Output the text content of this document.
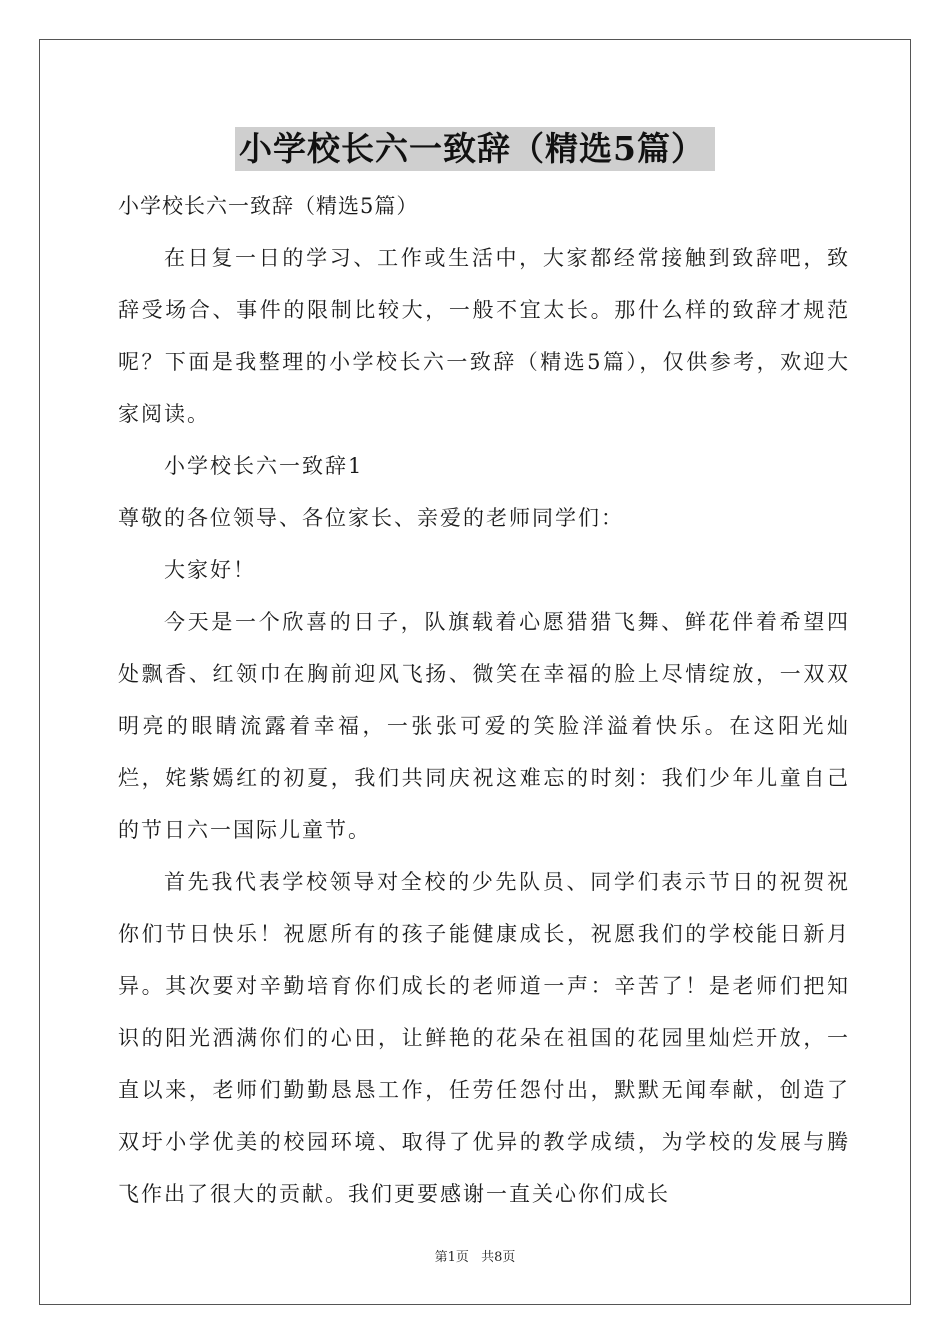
小学校长六一致辞（精选5篇）
小学校长六一致辞（精选5篇）

在日复一日的学习、工作或生活中，大家都经常接触到致辞吧，致辞受场合、事件的限制比较大，一般不宜太长。那什么样的致辞才规范呢？下面是我整理的小学校长六一致辞（精选5篇），仅供参考，欢迎大家阅读。

小学校长六一致辞1
尊敬的各位领导、各位家长、亲爱的老师同学们：
大家好！

今天是一个欣喜的日子，队旗载着心愿猎猎飞舞、鲜花伴着希望四处飘香、红领巾在胸前迎风飞扬、微笑在幸福的脸上尽情绽放，一双双明亮的眼睛流露着幸福，一张张可爱的笑脸洋溢着快乐。在这阳光灿烂，姹紫嫣红的初夏，我们共同庆祝这难忘的时刻：我们少年儿童自己的节日六一国际儿童节。

首先我代表学校领导对全校的少先队员、同学们表示节日的祝贺祝你们节日快乐！祝愿所有的孩子能健康成长，祝愿我们的学校能日新月异。其次要对辛勤培育你们成长的老师道一声：辛苦了！是老师们把知识的阳光洒满你们的心田，让鲜艳的花朵在祖国的花园里灿烂开放，一直以来，老师们勤勤恳恳工作，任劳任怨付出，默默无闻奉献，创造了双圩小学优美的校园环境、取得了优异的教学成绩，为学校的发展与腾飞作出了很大的贡献。我们更要感谢一直关心你们成长

第1页 共8页
